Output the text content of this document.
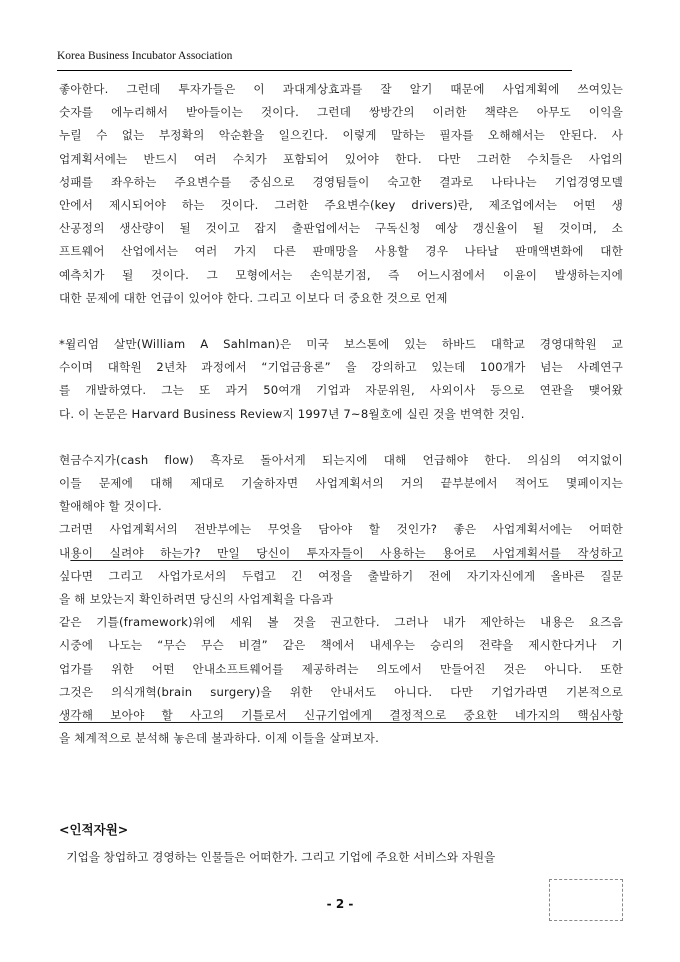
Korea Business Incubator Association

좋아한다. 그런데 투자가들은 이 과대계상효과를 잘 알기 때문에 사업계획에 쓰여있는
숫자를 에누리해서 받아들이는 것이다. 그런데 쌍방간의 이러한 책략은 아무도 이익을
누릴 수 없는 부정확의 악순환을 일으킨다. 이렇게 말하는 필자를 오해해서는 안된다. 사
업계획서에는 반드시 여러 수치가 포함되어 있어야 한다. 다만 그러한 수치들은 사업의
성패를 좌우하는 주요변수를 중심으로 경영팀들이 숙고한 결과로 나타나는 기업경영모델
안에서 제시되어야 하는 것이다. 그러한 주요변수(key drivers)란, 제조업에서는 어떤 생
산공정의 생산량이 될 것이고 잡지 출판업에서는 구독신청 예상 갱신율이 될 것이며, 소
프트웨어 산업에서는 여러 가지 다른 판매망을 사용할 경우 나타날 판매액변화에 대한
예측치가 될 것이다. 그 모형에서는 손익분기점, 즉 어느시점에서 이윤이 발생하는지에
대한 문제에 대한 언급이 있어야 한다. 그리고 이보다 더 중요한 것으로 언제

*윌리엄 살만(William A Sahlman)은 미국 보스톤에 있는 하바드 대학교 경영대학원 교
수이며 대학원 2년차 과정에서 “기업금융론” 을 강의하고 있는데 100개가 넘는 사례연구
를 개발하였다. 그는 또 과거 50여개 기업과 자문위원, 사외이사 등으로 연관을 맺어왔
다. 이 논문은 Harvard Business Review지 1997년 7~8월호에 실린 것을 번역한 것임.

현금수지가(cash flow) 흑자로 돌아서게 되는지에 대해 언급해야 한다. 의심의 여지없이
이들 문제에 대해 제대로 기술하자면 사업계획서의 거의 끝부분에서 적어도 몇페이지는
할애해야 할 것이다.

그러면 사업계획서의 전반부에는 무엇을 담아야 할 것인가? 좋은 사업계획서에는 어떠한
내용이 실려야 하는가? 만일 당신이 투자자들이 사용하는 용어로 사업계획서를 작성하고
싶다면 그리고 사업가로서의 두렵고 긴 여정을 출발하기 전에 자기자신에게 올바른 질문
을 해 보았는지 확인하려면 당신의 사업계획을 다음과
같은 기틀(framework)위에 세워 볼 것을 권고한다. 그러나 내가 제안하는 내용은 요즈음
시중에 나도는 “무슨 무슨 비결” 같은 책에서 내세우는 승리의 전략을 제시한다거나 기
업가를 위한 어떤 안내소프트웨어를 제공하려는 의도에서 만들어진 것은 아니다. 또한
그것은 의식개혁(brain surgery)을 위한 안내서도 아니다. 다만 기업가라면 기본적으로
생각해 보아야 할 사고의 기틀로서 신규기업에게 결정적으로 중요한 네가지의 핵심사항
을 체계적으로 분석해 놓은데 불과하다. 이제 이들을 살펴보자.

<인적자원>
기업을 창업하고 경영하는 인물들은 어떠한가. 그리고 기업에 주요한 서비스와 자원을
- 2 -
